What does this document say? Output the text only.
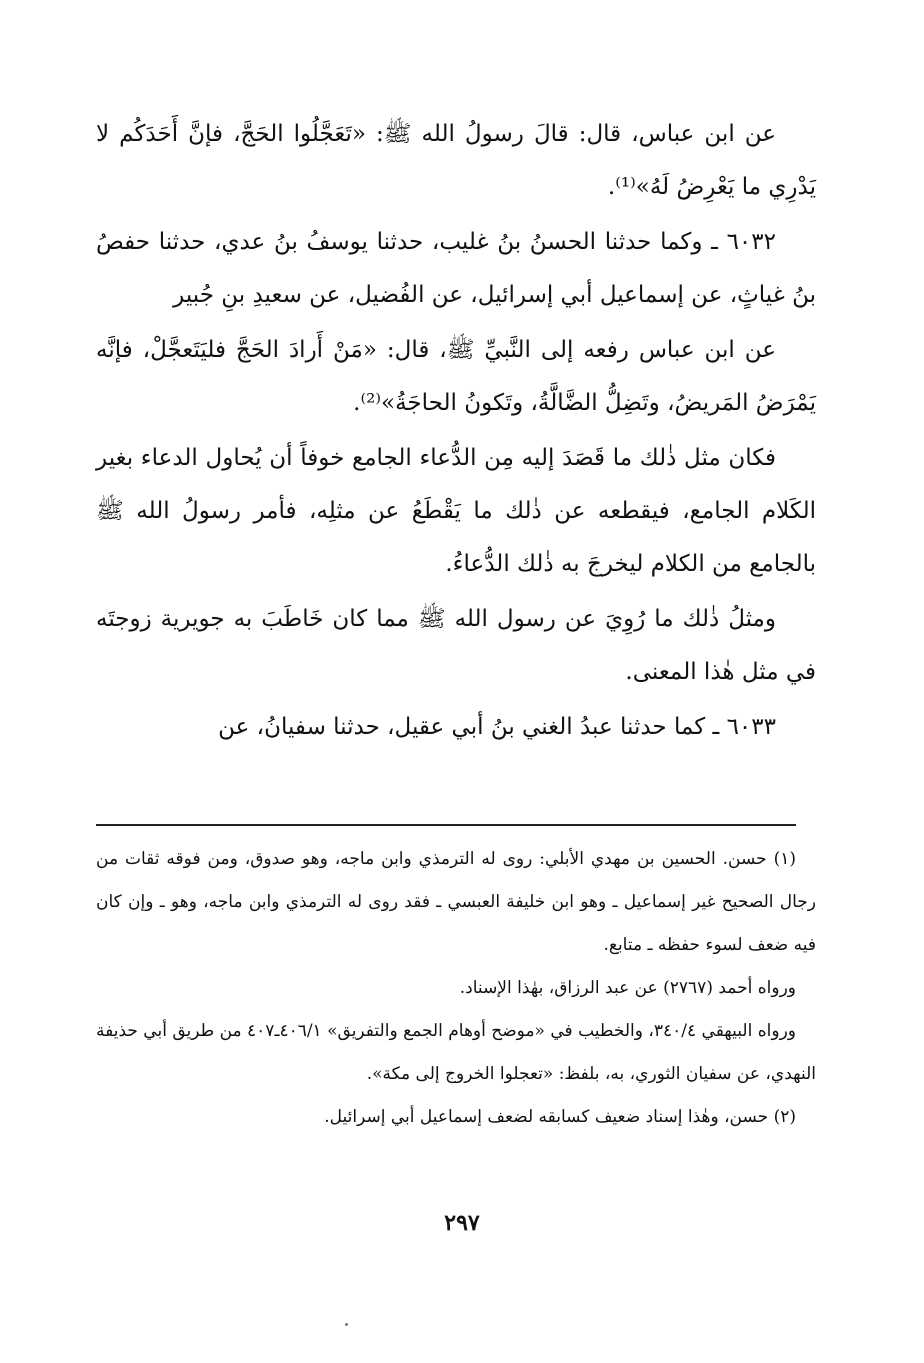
عن ابن عباس، قال: قالَ رسولُ الله ﷺ: «تَعَجَّلُوا الحَجَّ، فإنَّ أَحَدَكُم لا يَدْرِي ما يَعْرِضُ لَهُ»⁽¹⁾.

٦٠٣٢ ـ وكما حدثنا الحسنُ بنُ غليب، حدثنا يوسفُ بنُ عدي، حدثنا حفصُ بنُ غياثٍ، عن إسماعيل أبي إسرائيل، عن الفُضيل، عن سعيدِ بنِ جُبير

عن ابن عباس رفعه إلى النَّبيِّ ﷺ، قال: «مَنْ أَرادَ الحَجَّ فليَتَعجَّلْ، فإنَّه يَمْرَضُ المَريضُ، وتَضِلُّ الضَّالَّةُ، وتَكونُ الحاجَةُ»⁽²⁾.

فكان مثل ذٰلك ما قَصَدَ إليه مِن الدُّعاء الجامع خوفاً أن يُحاول الدعاء بغير الكَلام الجامع، فيقطعه عن ذٰلك ما يَقْطَعُ عن مثلِه، فأمر رسولُ الله ﷺ بالجامع من الكلام ليخرجَ به ذٰلك الدُّعاءُ.

ومثلُ ذٰلك ما رُوِيَ عن رسول الله ﷺ مما كان خَاطَبَ به جويرية زوجتَه في مثل هٰذا المعنى.

٦٠٣٣ ـ كما حدثنا عبدُ الغني بنُ أبي عقيل، حدثنا سفيانُ، عن

(١) حسن. الحسين بن مهدي الأبلي: روى له الترمذي وابن ماجه، وهو صدوق، ومن فوقه ثقات من رجال الصحيح غير إسماعيل ـ وهو ابن خليفة العبسي ـ فقد روى له الترمذي وابن ماجه، وهو ـ وإن كان فيه ضعف لسوء حفظه ـ متابع.

ورواه أحمد (٢٧٦٧) عن عبد الرزاق، بهٰذا الإسناد.

ورواه البيهقي ٣٤٠/٤، والخطيب في «موضح أوهام الجمع والتفريق» ٤٠٦/١ـ٤٠٧ من طريق أبي حذيفة النهدي، عن سفيان الثوري، به، بلفظ: «تعجلوا الخروج إلى مكة».

(٢) حسن، وهٰذا إسناد ضعيف كسابقه لضعف إسماعيل أبي إسرائيل.

٢٩٧
